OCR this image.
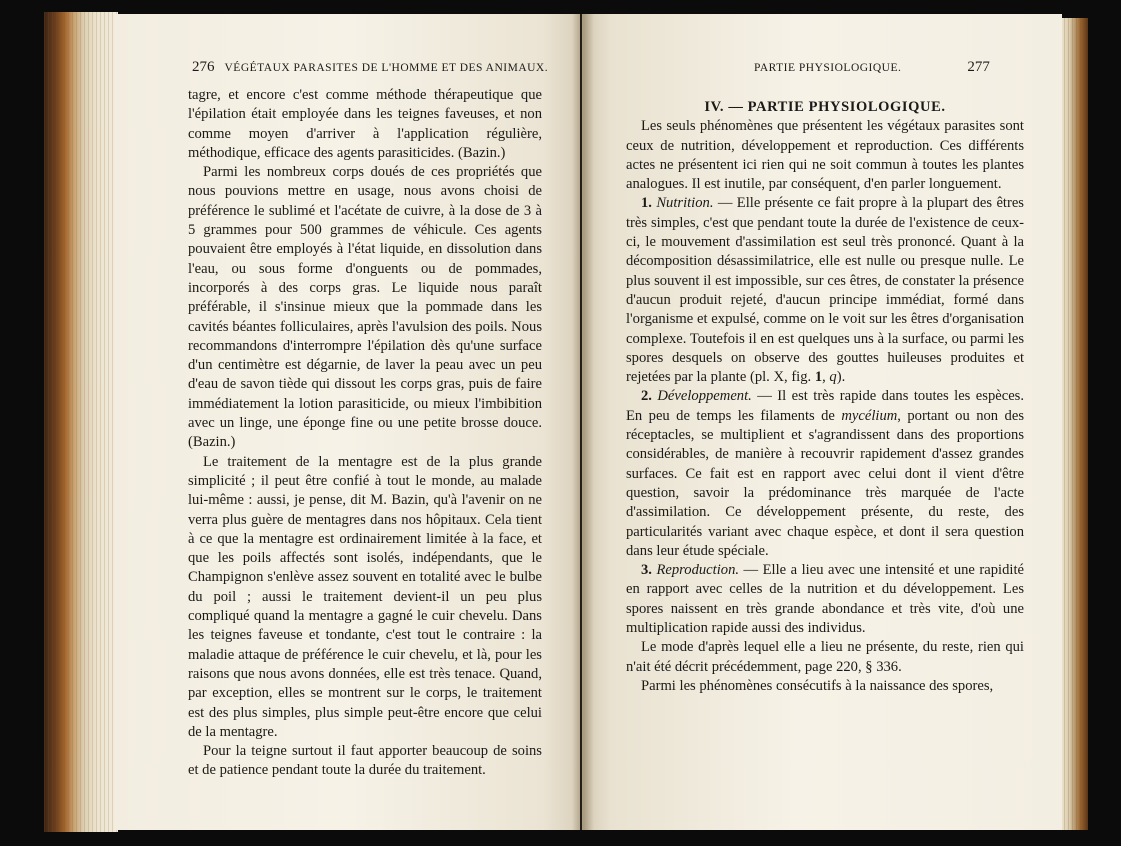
276 VÉGÉTAUX PARASITES DE L'HOMME ET DES ANIMAUX.

tagre, et encore c'est comme méthode thérapeutique que l'épilation était employée dans les teignes faveuses, et non comme moyen d'arriver à l'application régulière, méthodique, efficace des agents parasiticides. (Bazin.)

Parmi les nombreux corps doués de ces propriétés que nous pouvions mettre en usage, nous avons choisi de préférence le sublimé et l'acétate de cuivre, à la dose de 3 à 5 grammes pour 500 grammes de véhicule. Ces agents pouvaient être employés à l'état liquide, en dissolution dans l'eau, ou sous forme d'onguents ou de pommades, incorporés à des corps gras. Le liquide nous paraît préférable, il s'insinue mieux que la pommade dans les cavités béantes folliculaires, après l'avulsion des poils. Nous recommandons d'interrompre l'épilation dès qu'une surface d'un centimètre est dégarnie, de laver la peau avec un peu d'eau de savon tiède qui dissout les corps gras, puis de faire immédiatement la lotion parasiticide, ou mieux l'imbibition avec un linge, une éponge fine ou une petite brosse douce. (Bazin.)

Le traitement de la mentagre est de la plus grande simplicité ; il peut être confié à tout le monde, au malade lui-même : aussi, je pense, dit M. Bazin, qu'à l'avenir on ne verra plus guère de mentagres dans nos hôpitaux. Cela tient à ce que la mentagre est ordinairement limitée à la face, et que les poils affectés sont isolés, indépendants, que le Champignon s'enlève assez souvent en totalité avec le bulbe du poil ; aussi le traitement devient-il un peu plus compliqué quand la mentagre a gagné le cuir chevelu. Dans les teignes faveuse et tondante, c'est tout le contraire : la maladie attaque de préférence le cuir chevelu, et là, pour les raisons que nous avons données, elle est très tenace. Quand, par exception, elles se montrent sur le corps, le traitement est des plus simples, plus simple peut-être encore que celui de la mentagre.

Pour la teigne surtout il faut apporter beaucoup de soins et de patience pendant toute la durée du traitement.

PARTIE PHYSIOLOGIQUE.	277

IV. — PARTIE PHYSIOLOGIQUE.

Les seuls phénomènes que présentent les végétaux parasites sont ceux de nutrition, développement et reproduction. Ces différents actes ne présentent ici rien qui ne soit commun à toutes les plantes analogues. Il est inutile, par conséquent, d'en parler longuement.

1. Nutrition. — Elle présente ce fait propre à la plupart des êtres très simples, c'est que pendant toute la durée de l'existence de ceux-ci, le mouvement d'assimilation est seul très prononcé. Quant à la décomposition désassimilatrice, elle est nulle ou presque nulle. Le plus souvent il est impossible, sur ces êtres, de constater la présence d'aucun produit rejeté, d'aucun principe immédiat, formé dans l'organisme et expulsé, comme on le voit sur les êtres d'organisation complexe. Toutefois il en est quelques uns à la surface, ou parmi les spores desquels on observe des gouttes huileuses produites et rejetées par la plante (pl. X, fig. 1, q).

2. Développement. — Il est très rapide dans toutes les espèces. En peu de temps les filaments de mycélium, portant ou non des réceptacles, se multiplient et s'agrandissent dans des proportions considérables, de manière à recouvrir rapidement d'assez grandes surfaces. Ce fait est en rapport avec celui dont il vient d'être question, savoir la prédominance très marquée de l'acte d'assimilation. Ce développement présente, du reste, des particularités variant avec chaque espèce, et dont il sera question dans leur étude spéciale.

3. Reproduction. — Elle a lieu avec une intensité et une rapidité en rapport avec celles de la nutrition et du développement. Les spores naissent en très grande abondance et très vite, d'où une multiplication rapide aussi des individus.

Le mode d'après lequel elle a lieu ne présente, du reste, rien qui n'ait été décrit précédemment, page 220, § 336.

Parmi les phénomènes consécutifs à la naissance des spores,
